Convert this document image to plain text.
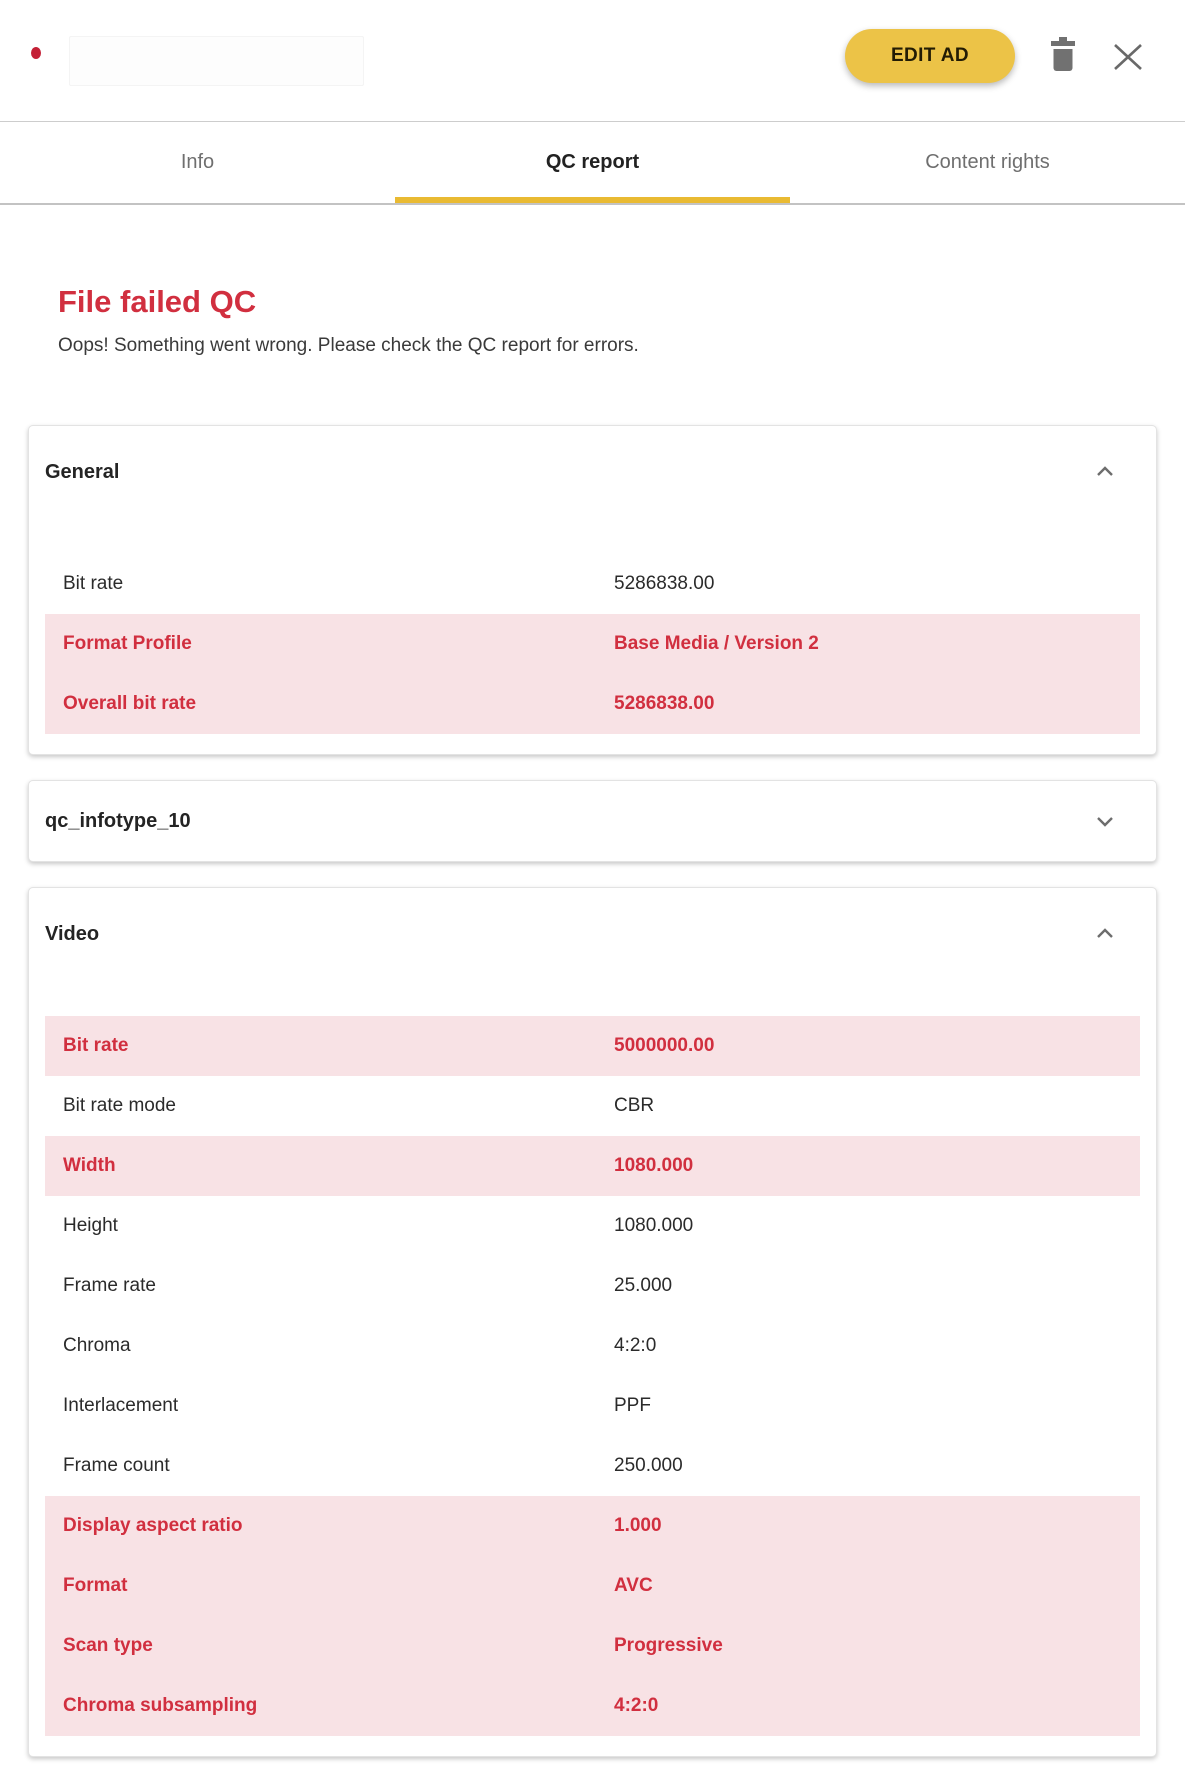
EDIT AD
Info	QC report	Content rights
File failed QC

Oops! Something went wrong. Please check the QC report for errors.

General
Bit rate	5286838.00
Format Profile	Base Media / Version 2
Overall bit rate	5286838.00
qc_infotype_10
Video
Bit rate	5000000.00
Bit rate mode	CBR
Width	1080.000
Height	1080.000
Frame rate	25.000
Chroma	4:2:0
Interlacement	PPF
Frame count	250.000
Display aspect ratio	1.000
Format	AVC
Scan type	Progressive
Chroma subsampling	4:2:0
